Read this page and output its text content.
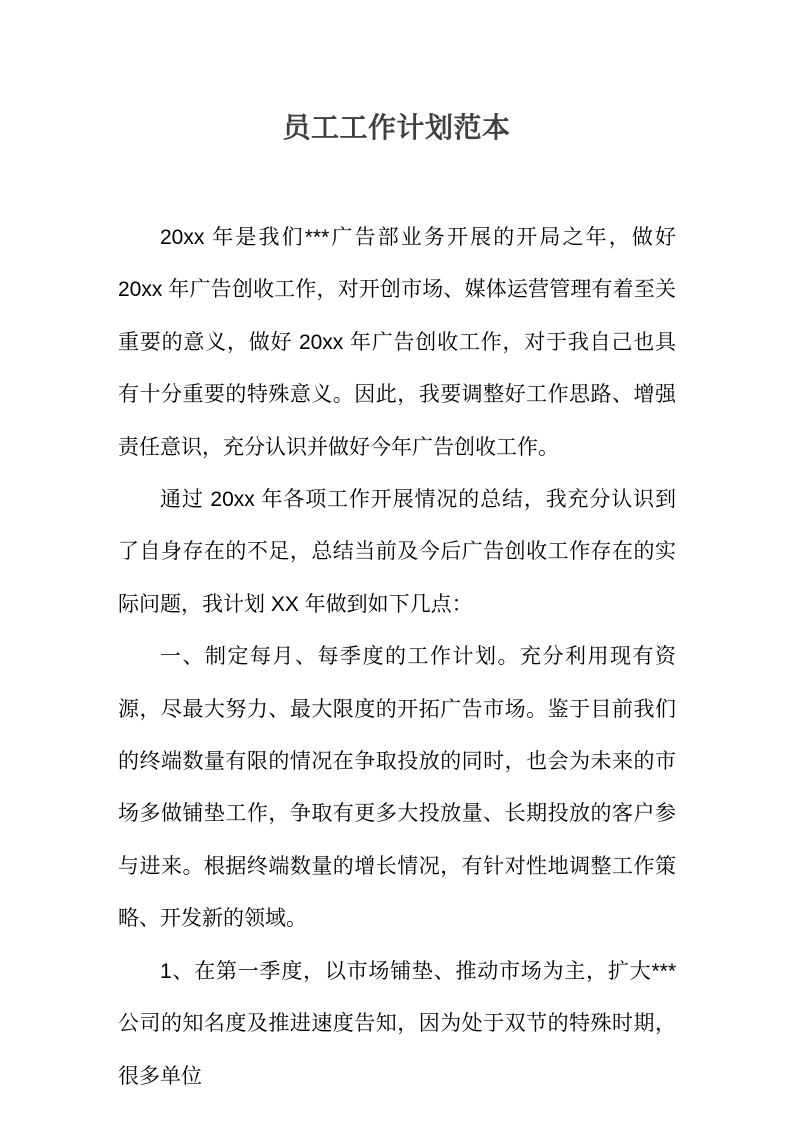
员工工作计划范本

20xx 年是我们***广告部业务开展的开局之年，做好 20xx 年广告创收工作，对开创市场、媒体运营管理有着至关重要的意义，做好 20xx 年广告创收工作，对于我自己也具有十分重要的特殊意义。因此，我要调整好工作思路、增强责任意识，充分认识并做好今年广告创收工作。

通过 20xx 年各项工作开展情况的总结，我充分认识到了自身存在的不足，总结当前及今后广告创收工作存在的实际问题，我计划 XX 年做到如下几点：

一、制定每月、每季度的工作计划。充分利用现有资源，尽最大努力、最大限度的开拓广告市场。鉴于目前我们的终端数量有限的情况在争取投放的同时，也会为未来的市场多做铺垫工作，争取有更多大投放量、长期投放的客户参与进来。根据终端数量的增长情况，有针对性地调整工作策略、开发新的领域。

1、在第一季度，以市场铺垫、推动市场为主，扩大***公司的知名度及推进速度告知，因为处于双节的特殊时期，很多单位
